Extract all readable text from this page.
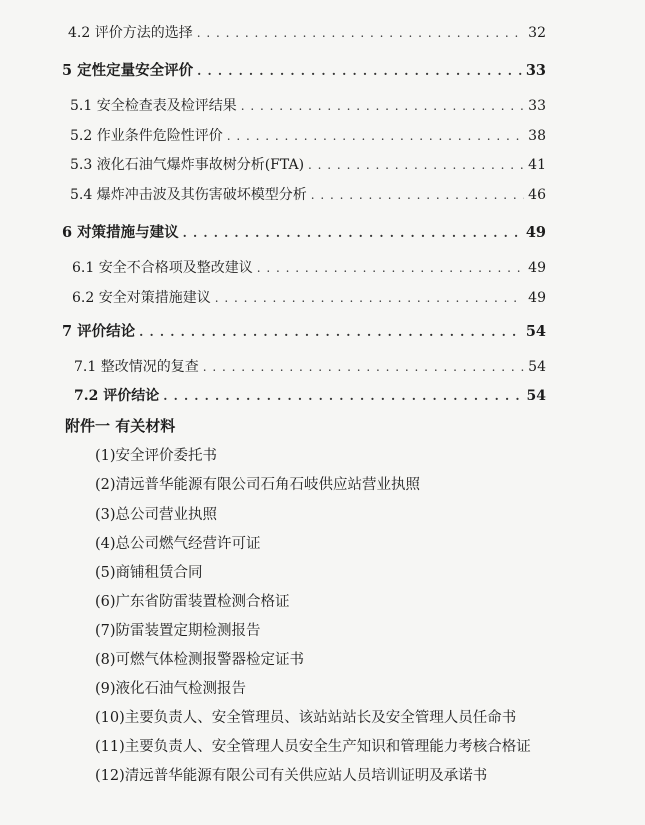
4.2 评价方法的选择 . . .	32
5 定性定量安全评价 . . .	33
5.1 安全检查表及检评结果 . . .	33
5.2 作业条件危险性评价 . . .	38
5.3 液化石油气爆炸事故树分析(FTA) . . .	41
5.4 爆炸冲击波及其伤害破坏模型分析 . . .	46
6 对策措施与建议 . . .	49
6.1 安全不合格项及整改建议 . . .	49
6.2 安全对策措施建议 . . .	49
7 评价结论 . . .	54
7.1 整改情况的复查 . . .	54
7.2 评价结论 . . .	54
附件一 有关材料
(1)安全评价委托书
(2)清远普华能源有限公司石角石岐供应站营业执照
(3)总公司营业执照
(4)总公司燃气经营许可证
(5)商铺租赁合同
(6)广东省防雷装置检测合格证
(7)防雷装置定期检测报告
(8)可燃气体检测报警器检定证书
(9)液化石油气检测报告
(10)主要负责人、安全管理员、该站站站长及安全管理人员任命书
(11)主要负责人、安全管理人员安全生产知识和管理能力考核合格证
(12)清远普华能源有限公司有关供应站人员培训证明及承诺书
